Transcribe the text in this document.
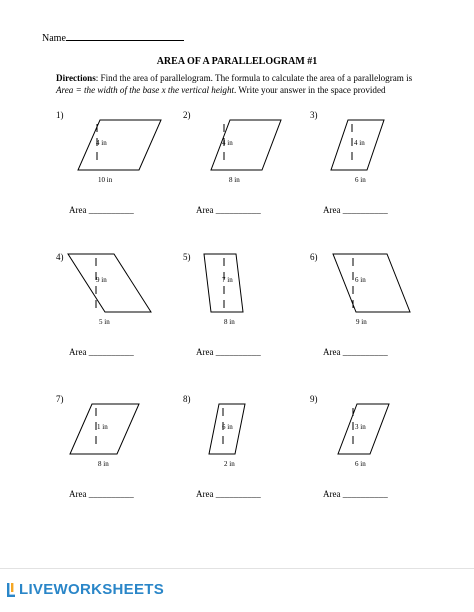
Name
AREA OF A PARALLELOGRAM #1
Directions: Find the area of parallelogram. The formula to calculate the area of a parallelogram is
Area = the width of the base x the vertical height. Write your answer in the space provided
1)
4 in
10 in
Area __________
2)
4 in
8 in
Area __________
3)
4 in
6 in
Area __________
4)
9 in
5 in
Area __________
5)
7 in
8 in
Area __________
6)
6 in
9 in
Area __________
7)
1 in
8 in
Area __________
8)
6 in
2 in
Area __________
9)
3 in
6 in
Area __________
LIVEWORKSHEETS
